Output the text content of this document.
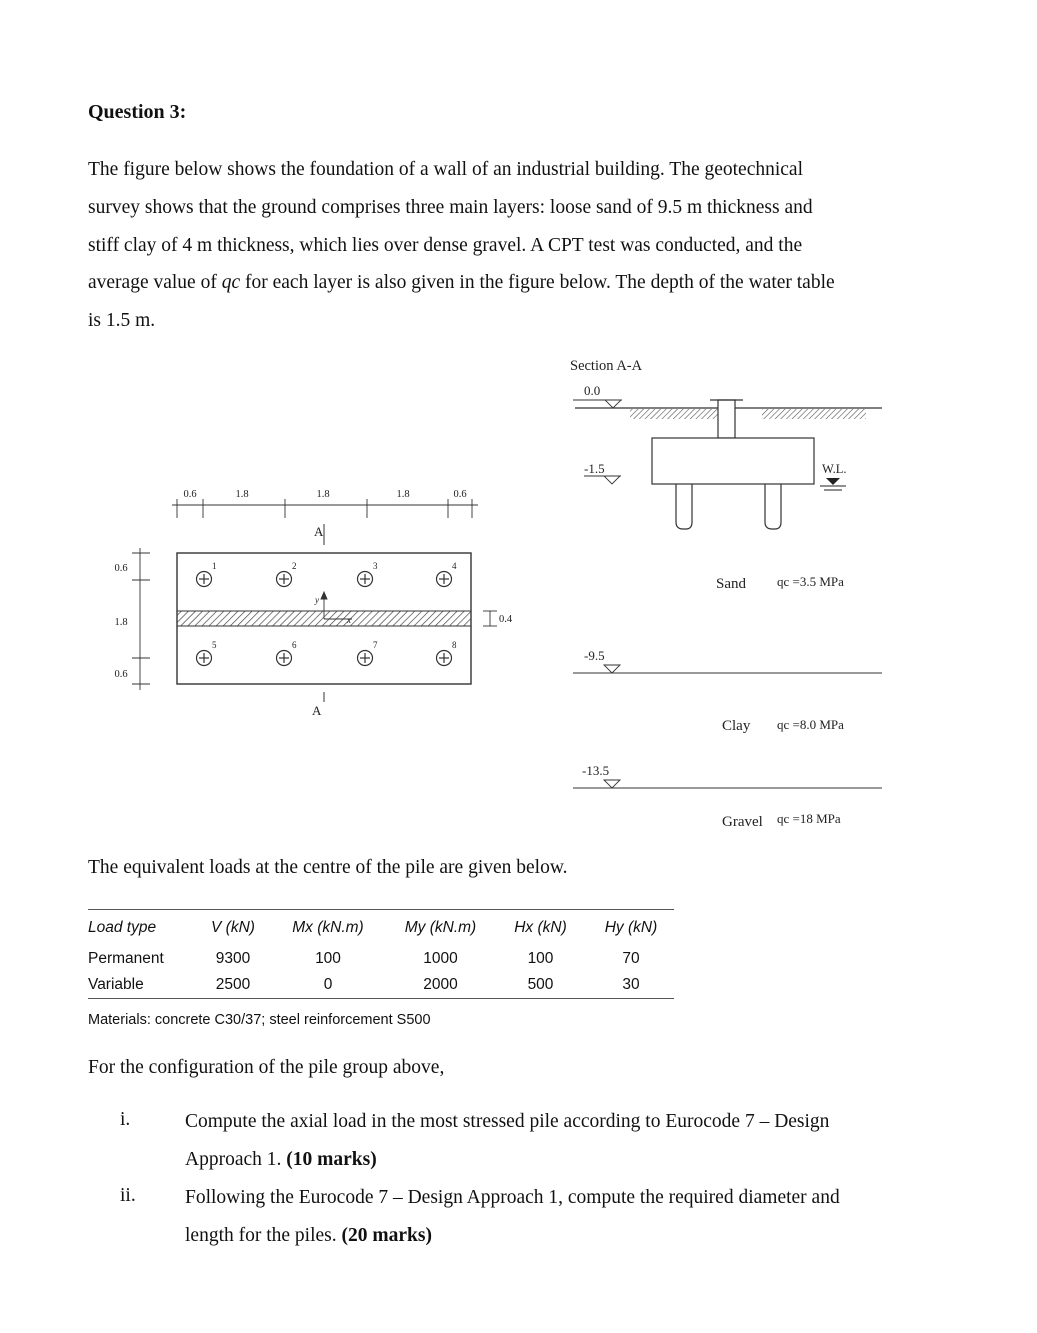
Question 3:
The figure below shows the foundation of a wall of an industrial building. The geotechnical
survey shows that the ground comprises three main layers: loose sand of 9.5 m thickness and
stiff clay of 4 m thickness, which lies over dense gravel. A CPT test was conducted, and the
average value of qc for each layer is also given in the figure below. The depth of the water table
is 1.5 m.
0.6	1.8	1.8	1.8	0.6
0.6
1.8
0.6
A
A
y
x
1	2	3	4
5	6	7	8
0.4
Section A-A
0.0
-1.5	W.L.
Sand qc =3.5 MPa
-9.5
Clay qc =8.0 MPa
-13.5
Gravel qc =18 MPa
The equivalent loads at the centre of the pile are given below.
Load type	V (kN)	Mx (kN.m)	My (kN.m)	Hx (kN)	Hy (kN)
Permanent	9300	100	1000	100	70
Variable	2500	0	2000	500	30
Materials: concrete C30/37; steel reinforcement S500
For the configuration of the pile group above,
i.	Compute the axial load in the most stressed pile according to Eurocode 7 – Design
Approach 1. (10 marks)
ii.	Following the Eurocode 7 – Design Approach 1, compute the required diameter and
length for the piles. (20 marks)
